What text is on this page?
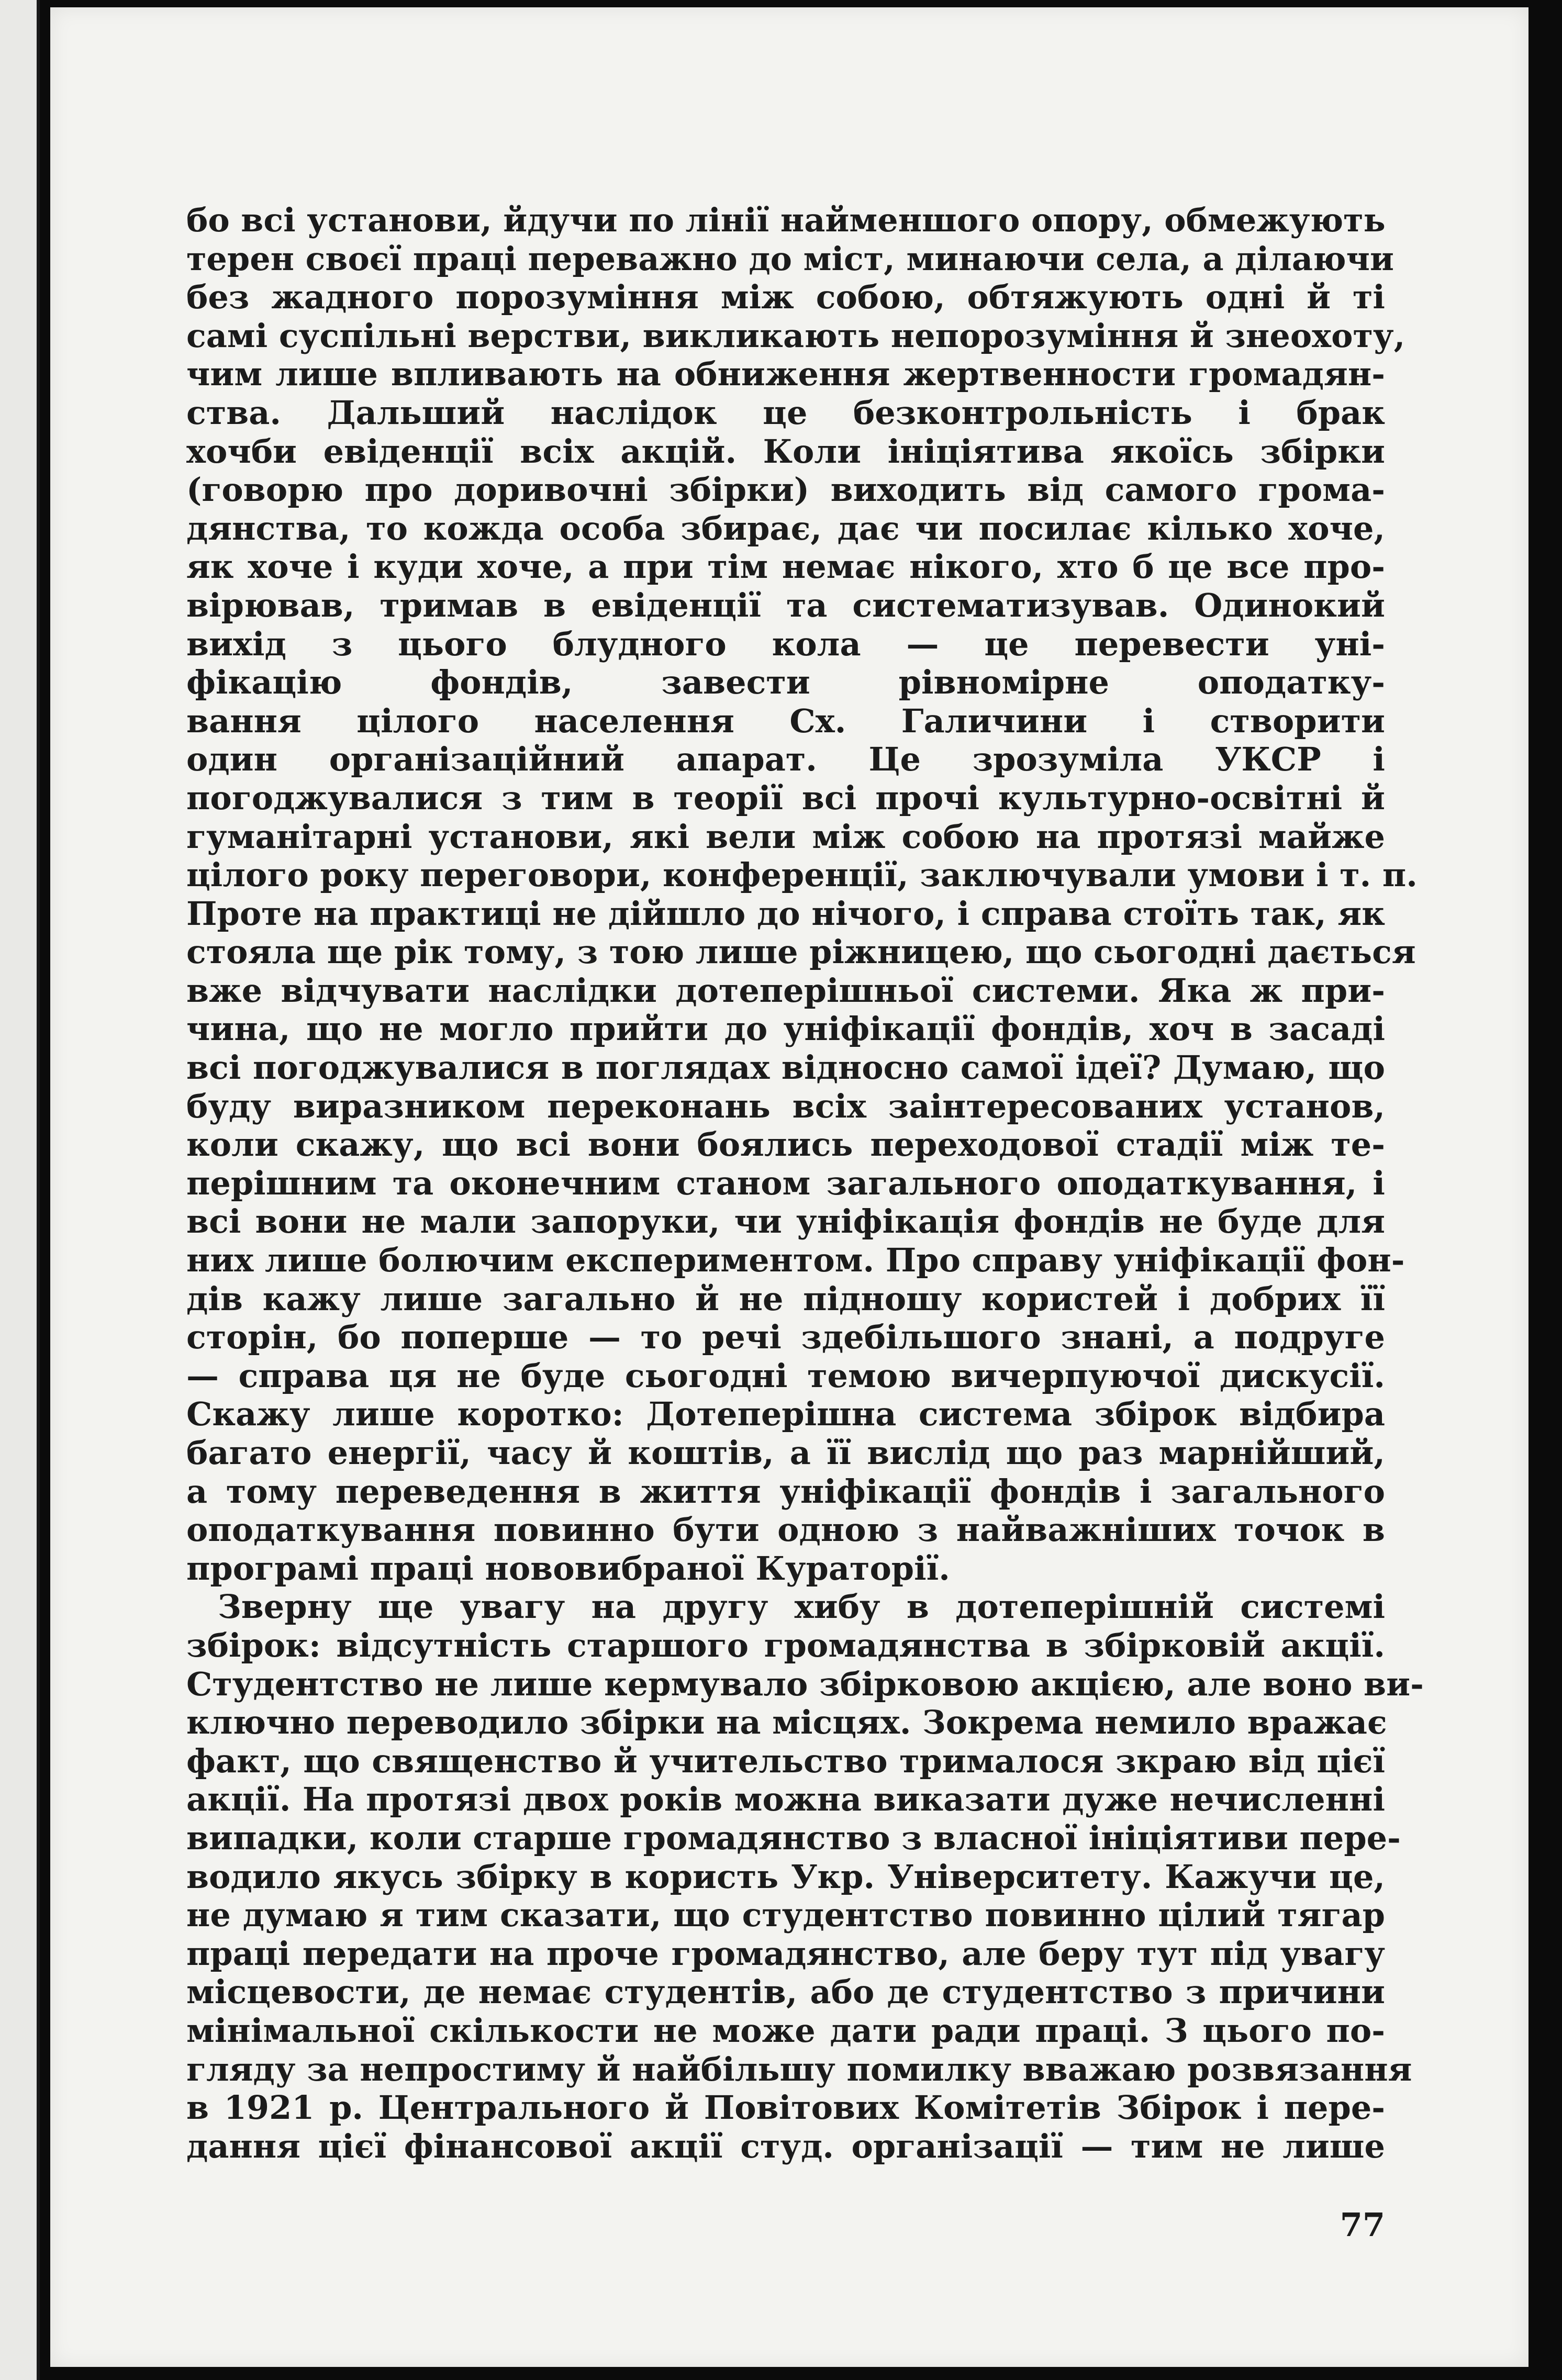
бо всі установи, йдучи по лінії найменшого опору, обмежують
терен своєї праці переважно до міст, минаючи села, а ділаючи
без жадного порозуміння між собою, обтяжують одні й ті
самі суспільні верстви, викликають непорозуміння й знеохоту,
чим лише впливають на обниження жертвенности громадян-
ства. Дальший наслідок це безконтрольність і брак
хочби евіденції всіх акцій. Коли ініціятива якоїсь збірки
(говорю про доривочні збірки) виходить від самого грома-
дянства, то кожда особа збирає, дає чи посилає кілько хоче,
як хоче і куди хоче, а при тім немає нікого, хто б це все про-
вірював, тримав в евіденції та систематизував. Одинокий
вихід з цього блудного кола — це перевести уні-
фікацію фондів, завести рівномірне оподатку-
вання цілого населення Сх. Галичини і створити
один організаційний апарат. Це зрозуміла УКСР і
погоджувалися з тим в теорії всі прочі культурно-освітні й
гуманітарні установи, які вели між собою на протязі майже
цілого року переговори, конференції, заключували умови і т. п.
Проте на практиці не дійшло до нічого, і справа стоїть так, як
стояла ще рік тому, з тою лише ріжницею, що сьогодні дається
вже відчувати наслідки дотеперішньої системи. Яка ж при-
чина, що не могло прийти до уніфікації фондів, хоч в засаді
всі погоджувалися в поглядах відносно самої ідеї? Думаю, що
буду виразником переконань всіх заінтересованих установ,
коли скажу, що всі вони боялись переходової стадії між те-
перішним та оконечним станом загального оподаткування, і
всі вони не мали запоруки, чи уніфікація фондів не буде для
них лише болючим експериментом. Про справу уніфікації фон-
дів кажу лише загально й не підношу користей і добрих її
сторін, бо поперше — то речі здебільшого знані, а подруге
— справа ця не буде сьогодні темою вичерпуючої дискусії.
Скажу лише коротко: Дотеперішна система збірок відбира
багато енергії, часу й коштів, а її вислід що раз марнійший,
а тому переведення в життя уніфікації фондів і загального
оподаткування повинно бути одною з найважніших точок в
програмі праці нововибраної Кураторії.
Зверну ще увагу на другу хибу в дотеперішній системі
збірок: відсутність старшого громадянства в збірковій акції.
Студентство не лише кермувало збірковою акцією, але воно ви-
ключно переводило збірки на місцях. Зокрема немило вражає
факт, що священство й учительство трималося зкраю від цієї
акції. На протязі двох років можна виказати дуже нечисленні
випадки, коли старше громадянство з власної ініціятиви пере-
водило якусь збірку в користь Укр. Університету. Кажучи це,
не думаю я тим сказати, що студентство повинно цілий тягар
праці передати на проче громадянство, але беру тут під увагу
місцевости, де немає студентів, або де студентство з причини
мінімальної скількости не може дати ради праці. З цього по-
гляду за непростиму й найбільшу помилку вважаю розвязання
в 1921 р. Центрального й Повітових Комітетів Збірок і пере-
дання цієї фінансової акції студ. організації — тим не лише
77
